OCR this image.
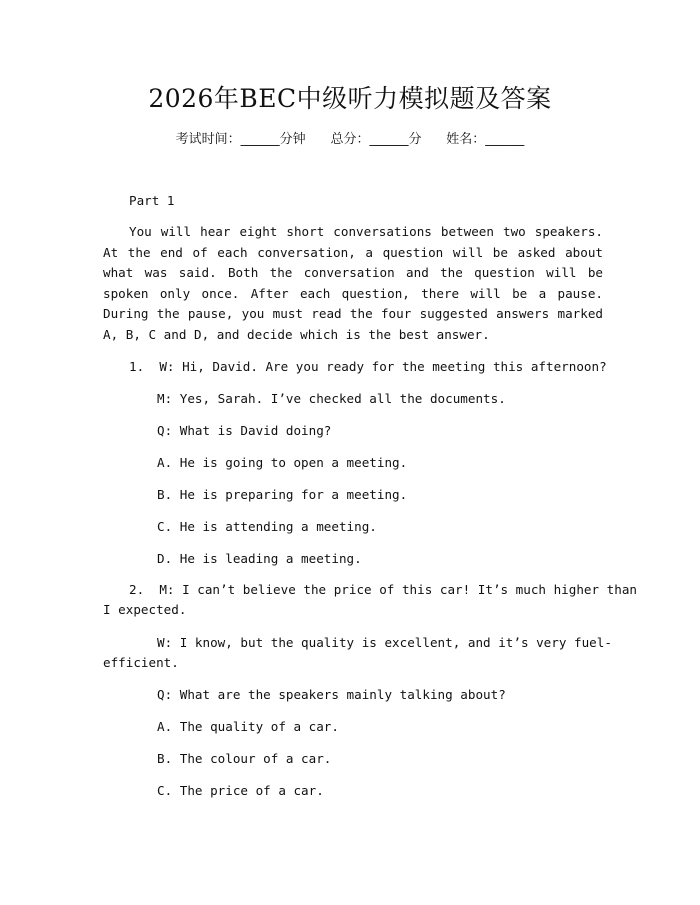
2026年BEC中级听力模拟题及答案
考试时间：______分钟 总分：______分 姓名：______
Part 1
You will hear eight short conversations between two speakers. At the end of each conversation, a question will be asked about what was said. Both the conversation and the question will be spoken only once. After each question, there will be a pause. During the pause, you must read the four suggested answers marked A, B, C and D, and decide which is the best answer.
1.  W: Hi, David. Are you ready for the meeting this afternoon?
M: Yes, Sarah. I’ve checked all the documents.
Q: What is David doing?
A. He is going to open a meeting.
B. He is preparing for a meeting.
C. He is attending a meeting.
D. He is leading a meeting.
2.  M: I can’t believe the price of this car! It’s much higher than
I expected.
W: I know, but the quality is excellent, and it’s very fuel-
efficient.
Q: What are the speakers mainly talking about?
A. The quality of a car.
B. The colour of a car.
C. The price of a car.
